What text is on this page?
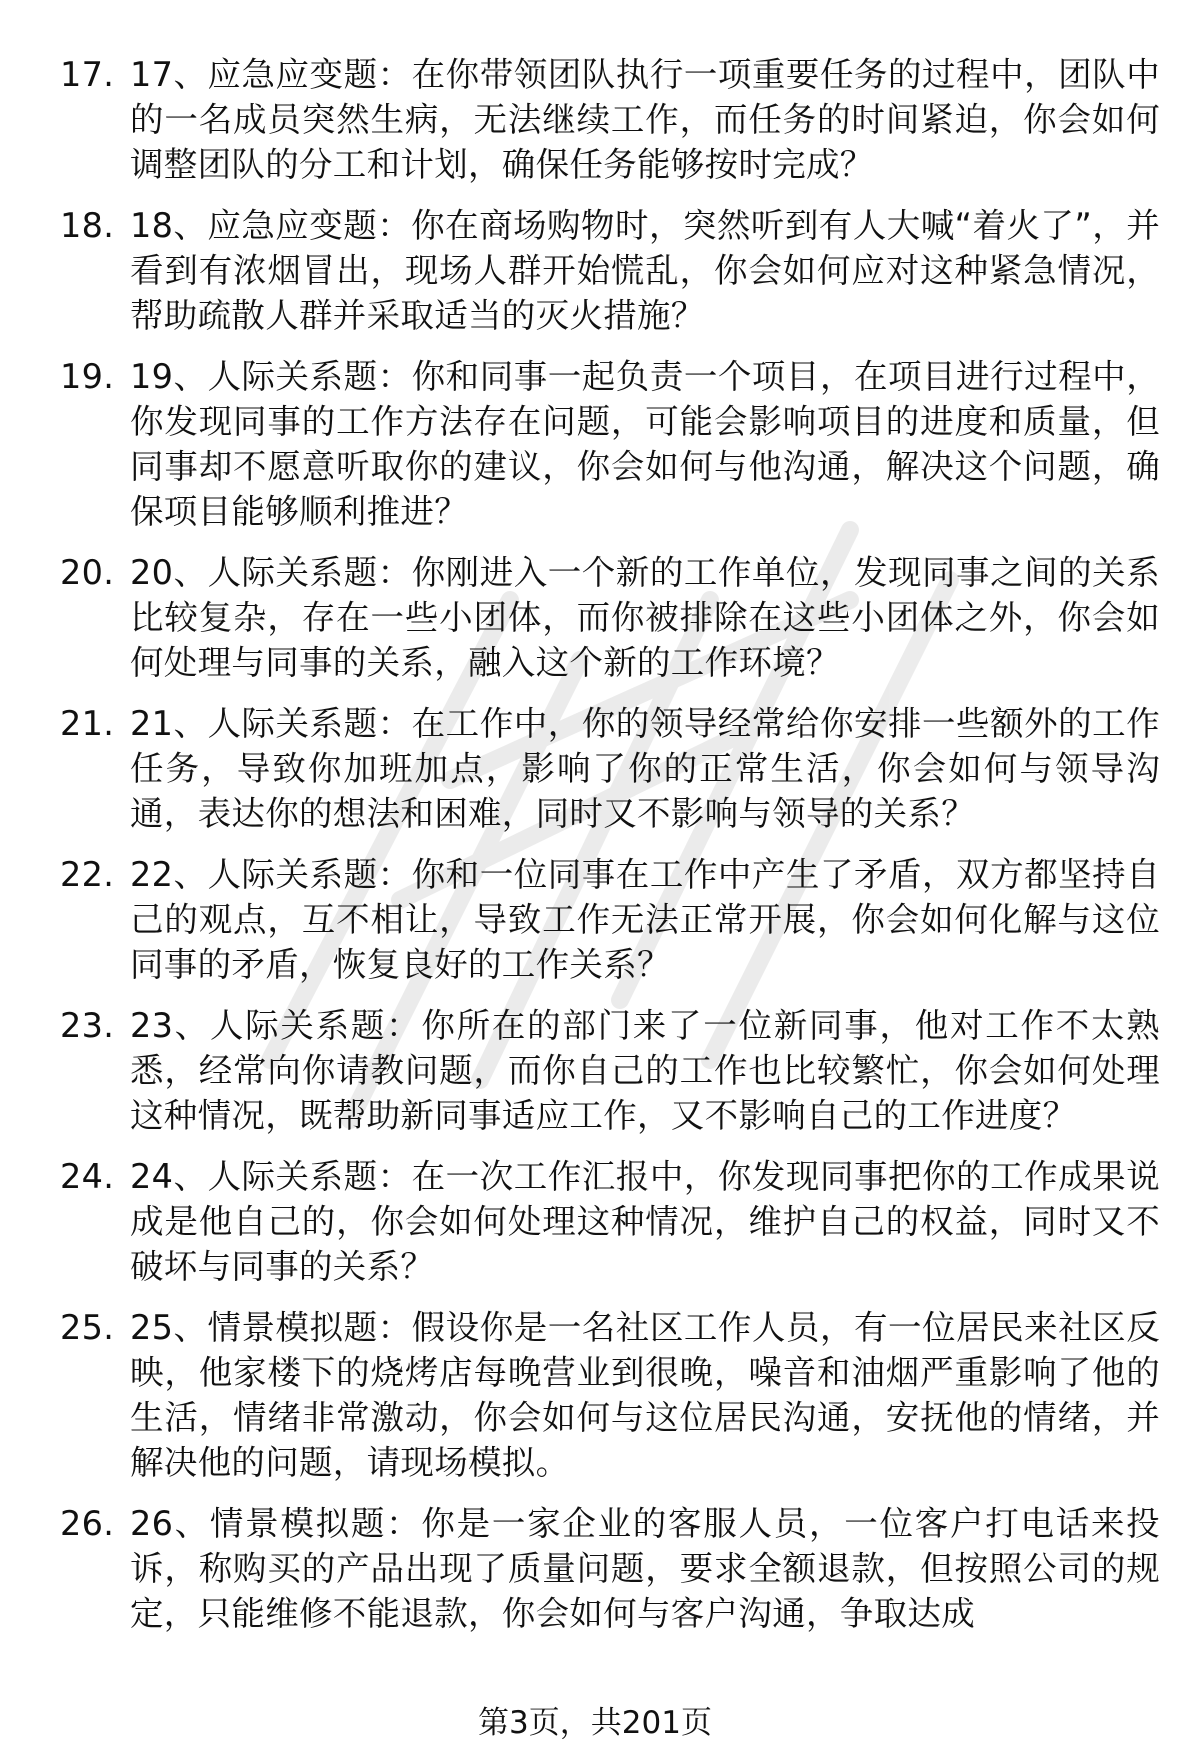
17. 17、应急应变题：在你带领团队执行一项重要任务的过程中，团队中的一名成员突然生病，无法继续工作，而任务的时间紧迫，你会如何调整团队的分工和计划，确保任务能够按时完成？
18. 18、应急应变题：你在商场购物时，突然听到有人大喊“着火了”，并看到有浓烟冒出，现场人群开始慌乱，你会如何应对这种紧急情况，帮助疏散人群并采取适当的灭火措施？
19. 19、人际关系题：你和同事一起负责一个项目，在项目进行过程中，你发现同事的工作方法存在问题，可能会影响项目的进度和质量，但同事却不愿意听取你的建议，你会如何与他沟通，解决这个问题，确保项目能够顺利推进？
20. 20、人际关系题：你刚进入一个新的工作单位，发现同事之间的关系比较复杂，存在一些小团体，而你被排除在这些小团体之外，你会如何处理与同事的关系，融入这个新的工作环境？
21. 21、人际关系题：在工作中，你的领导经常给你安排一些额外的工作任务，导致你加班加点，影响了你的正常生活，你会如何与领导沟通，表达你的想法和困难，同时又不影响与领导的关系？
22. 22、人际关系题：你和一位同事在工作中产生了矛盾，双方都坚持自己的观点，互不相让，导致工作无法正常开展，你会如何化解与这位同事的矛盾，恢复良好的工作关系？
23. 23、人际关系题：你所在的部门来了一位新同事，他对工作不太熟悉，经常向你请教问题，而你自己的工作也比较繁忙，你会如何处理这种情况，既帮助新同事适应工作，又不影响自己的工作进度？
24. 24、人际关系题：在一次工作汇报中，你发现同事把你的工作成果说成是他自己的，你会如何处理这种情况，维护自己的权益，同时又不破坏与同事的关系？
25. 25、情景模拟题：假设你是一名社区工作人员，有一位居民来社区反映，他家楼下的烧烤店每晚营业到很晚，噪音和油烟严重影响了他的生活，情绪非常激动，你会如何与这位居民沟通，安抚他的情绪，并解决他的问题，请现场模拟。
26. 26、情景模拟题：你是一家企业的客服人员，一位客户打电话来投诉，称购买的产品出现了质量问题，要求全额退款，但按照公司的规定，只能维修不能退款，你会如何与客户沟通，争取达成
第3页，共201页
